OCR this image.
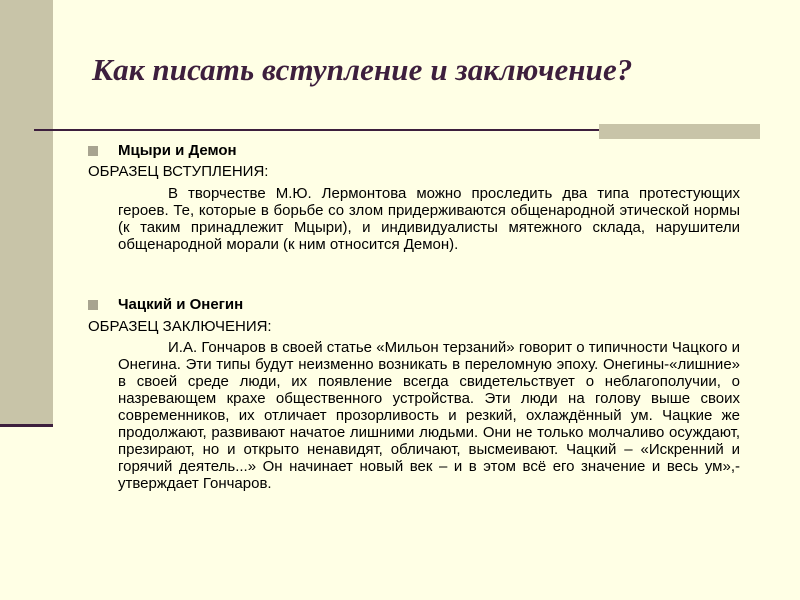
Как писать вступление и заключение?
Мцыри и Демон
ОБРАЗЕЦ ВСТУПЛЕНИЯ:

В творчестве М.Ю. Лермонтова можно проследить два типа протестующих героев. Те, которые в борьбе со злом придерживаются общенародной этической нормы (к таким принадлежит Мцыри), и индивидуалисты мятежного склада, нарушители общенародной морали (к ним относится Демон).

Чацкий и Онегин
ОБРАЗЕЦ ЗАКЛЮЧЕНИЯ:

И.А. Гончаров в своей статье «Мильон терзаний» говорит о типичности Чацкого и Онегина. Эти типы будут неизменно возникать в переломную эпоху. Онегины-«лишние» в своей среде люди, их появление всегда свидетельствует о неблагополучии, о назревающем крахе общественного устройства. Эти люди на голову выше своих современников, их отличает прозорливость и резкий, охлаждённый ум. Чацкие же продолжают, развивают начатое лишними людьми. Они не только молчаливо осуждают, презирают, но и открыто ненавидят, обличают, высмеивают. Чацкий – «Искренний и горячий деятель...» Он начинает новый век – и в этом всё его значение и весь ум»,-утверждает Гончаров.
